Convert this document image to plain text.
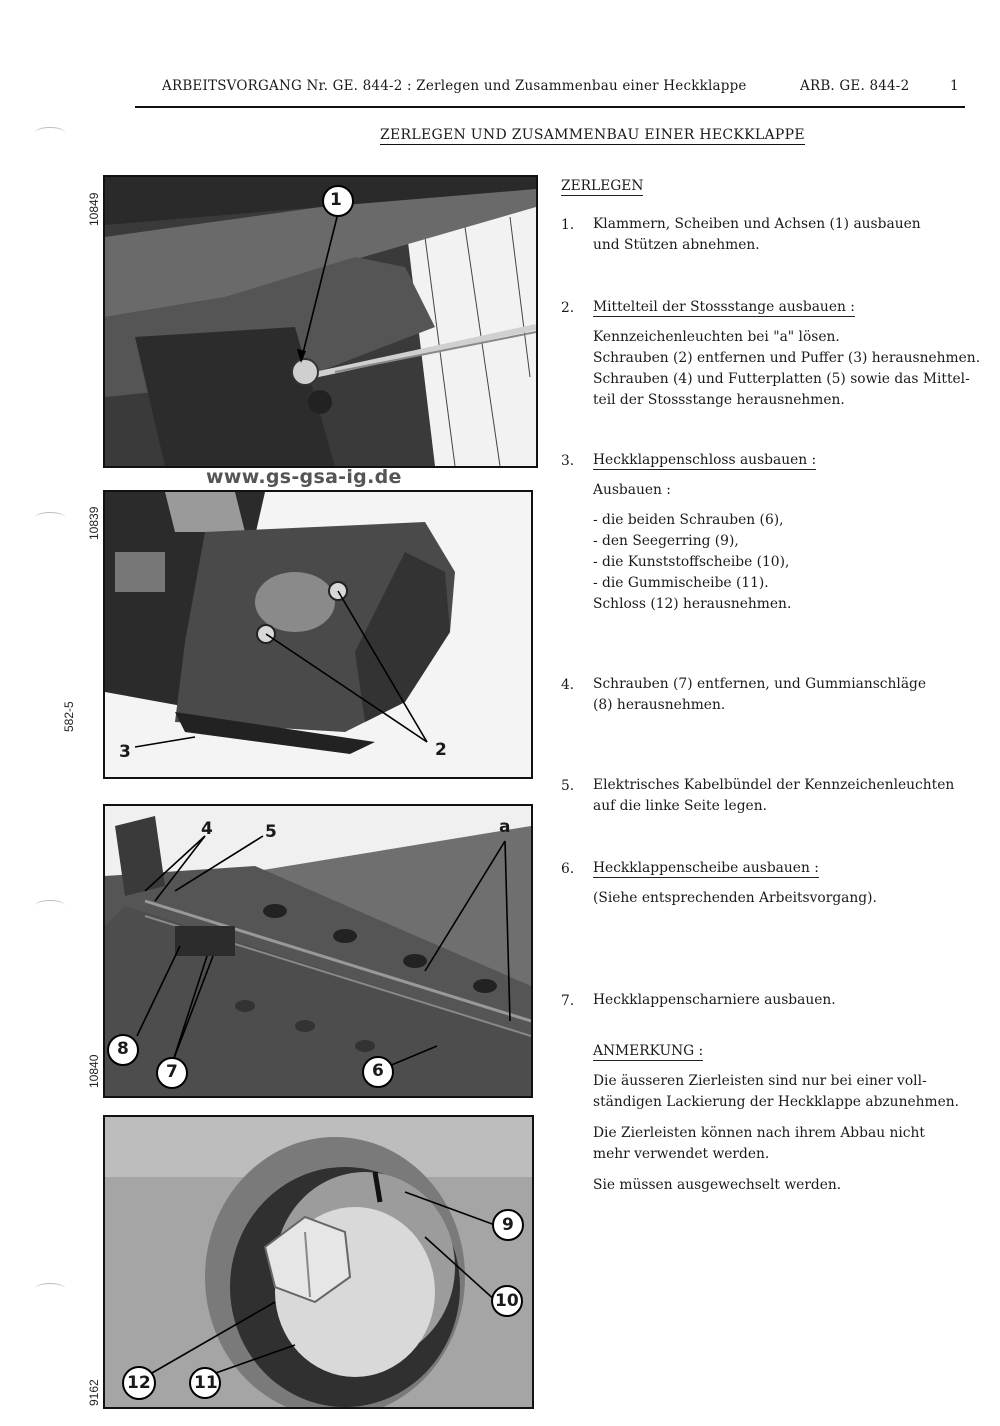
ARBEITSVORGANG Nr. GE. 844-2 : Zerlegen und Zusammenbau einer Heckklappe	ARB. GE. 844-2	1
ZERLEGEN UND ZUSAMMENBAU EINER HECKKLAPPE
10849
10839
582-5
10840
9162
1
www.gs-gsa-ig.de
3	2
4	5	a
8
7	6
9
10
12	11
ZERLEGEN
1. Klammern, Scheiben und Achsen (1) ausbauen
und Stützen abnehmen.
2. Mittelteil der Stossstange ausbauen :
Kennzeichenleuchten bei "a" lösen.
Schrauben (2) entfernen und Puffer (3) herausnehmen.
Schrauben (4) und Futterplatten (5) sowie das Mittel-
teil der Stossstange herausnehmen.
3. Heckklappenschloss ausbauen :
Ausbauen :
- die beiden Schrauben (6),
- den Seegerring (9),
- die Kunststoffscheibe (10),
- die Gummischeibe (11).
Schloss (12) herausnehmen.
4. Schrauben (7) entfernen, und Gummianschläge
(8) herausnehmen.
5. Elektrisches Kabelbündel der Kennzeichenleuchten
auf die linke Seite legen.
6. Heckklappenscheibe ausbauen :
(Siehe entsprechenden Arbeitsvorgang).
7. Heckklappenscharniere ausbauen.
ANMERKUNG :
Die äusseren Zierleisten sind nur bei einer voll-
ständigen Lackierung der Heckklappe abzunehmen.
Die Zierleisten können nach ihrem Abbau nicht
mehr verwendet werden.
Sie müssen ausgewechselt werden.
